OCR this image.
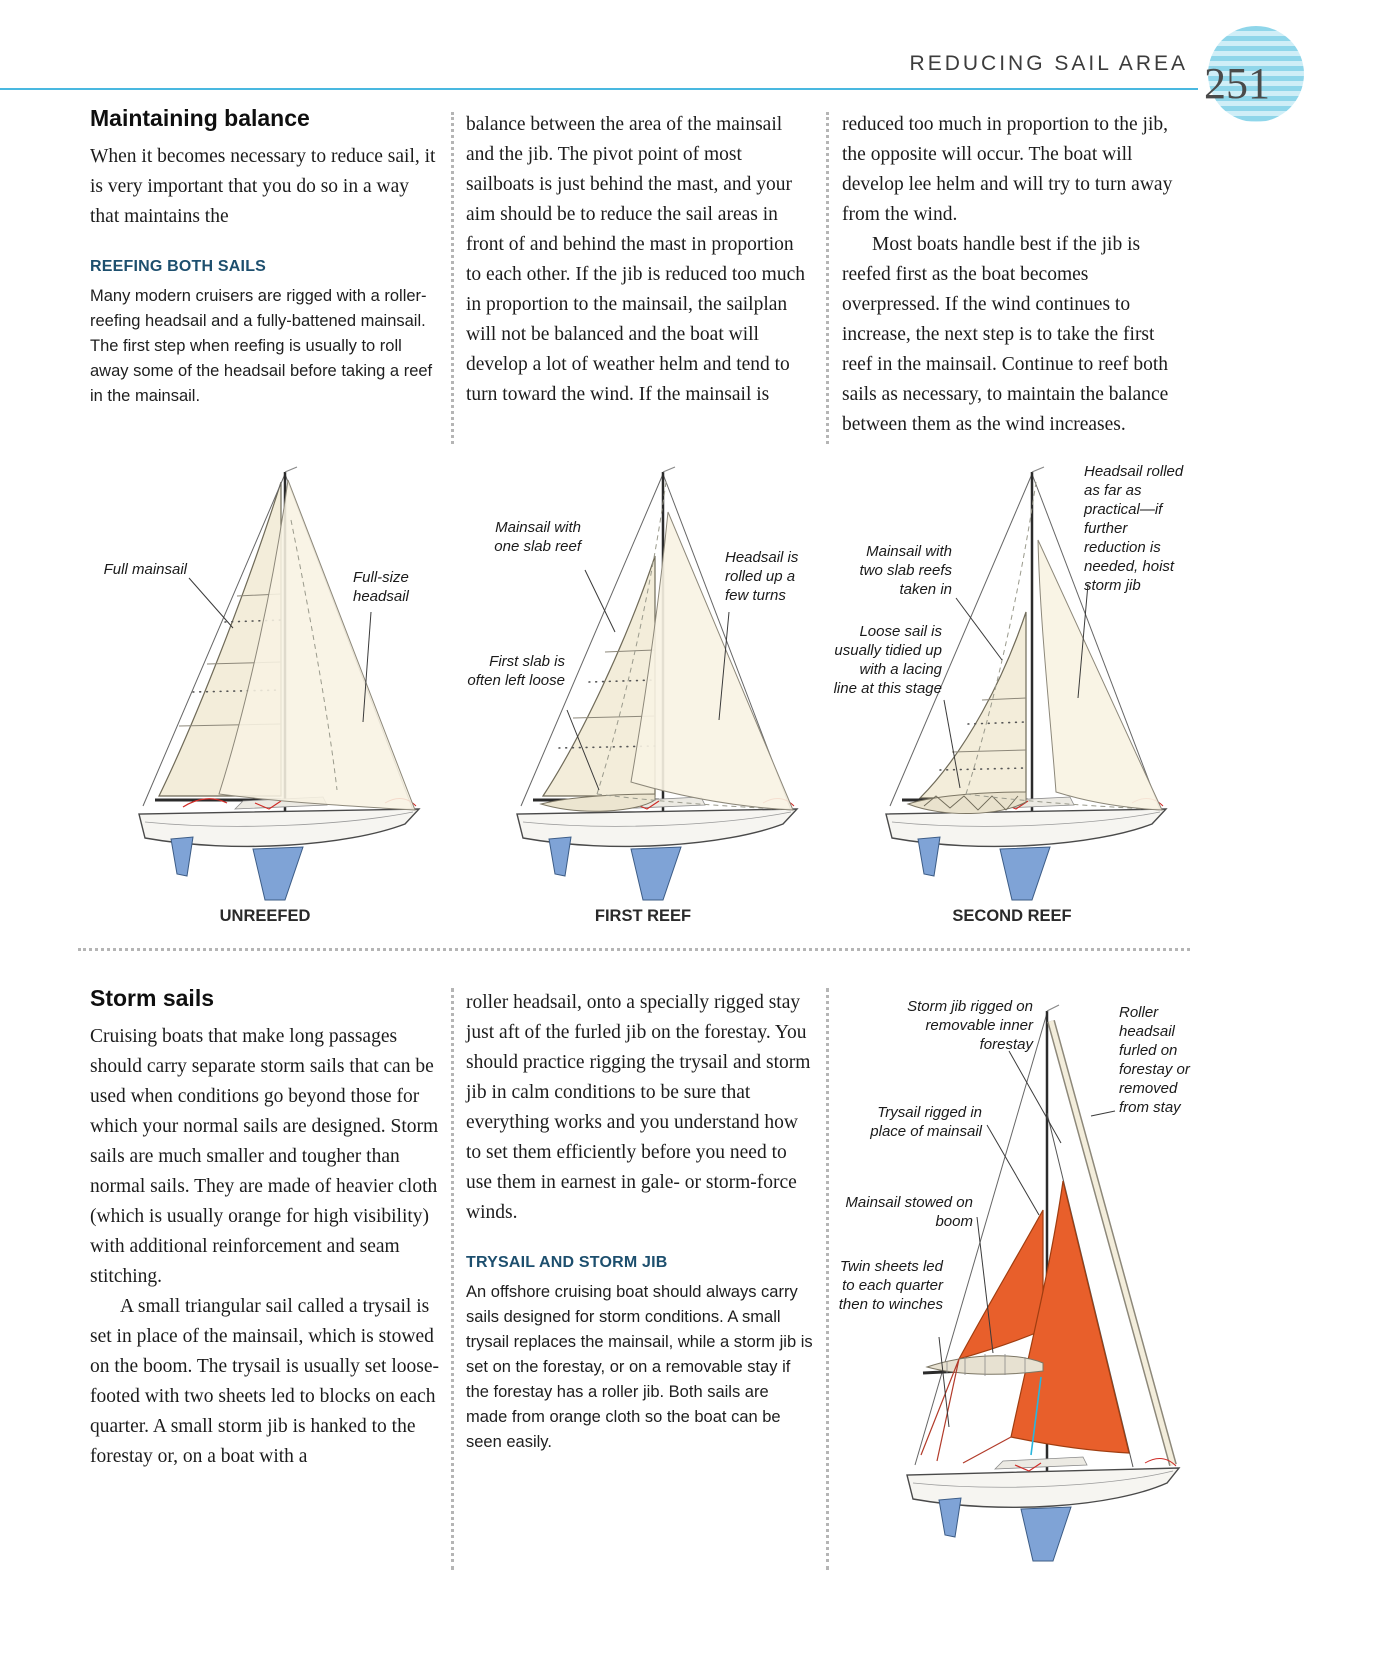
REDUCING SAIL AREA 251
Maintaining balance

When it becomes necessary to reduce sail, it is very important that you do so in a way that maintains the

REEFING BOTH SAILS

Many modern cruisers are rigged with a roller-reefing headsail and a fully-battened mainsail. The first step when reefing is usually to roll away some of the headsail before taking a reef in the mainsail.

balance between the area of the mainsail and the jib. The pivot point of most sailboats is just behind the mast, and your aim should be to reduce the sail areas in front of and behind the mast in proportion to each other. If the jib is reduced too much in proportion to the mainsail, the sailplan will not be balanced and the boat will develop a lot of weather helm and tend to turn toward the wind. If the mainsail is

reduced too much in proportion to the jib, the opposite will occur. The boat will develop lee helm and will try to turn away from the wind.

Most boats handle best if the jib is reefed first as the boat becomes overpressed. If the wind continues to increase, the next step is to take the first reef in the mainsail. Continue to reef both sails as necessary, to maintain the balance between them as the wind increases.

Full mainsail	Full-size headsail
UNREEFED
Mainsail with one slab reef
Headsail is rolled up a few turns
First slab is often left loose
FIRST REEF
Mainsail with two slab reefs taken in
Loose sail is usually tidied up with a lacing line at this stage
Headsail rolled as far as practical—if further reduction is needed, hoist storm jib
SECOND REEF
Storm sails

Cruising boats that make long passages should carry separate storm sails that can be used when conditions go beyond those for which your normal sails are designed. Storm sails are much smaller and tougher than normal sails. They are made of heavier cloth (which is usually orange for high visibility) with additional reinforcement and seam stitching.

A small triangular sail called a trysail is set in place of the mainsail, which is stowed on the boom. The trysail is usually set loose-footed with two sheets led to blocks on each quarter. A small storm jib is hanked to the forestay or, on a boat with a

roller headsail, onto a specially rigged stay just aft of the furled jib on the forestay. You should practice rigging the trysail and storm jib in calm conditions to be sure that everything works and you understand how to set them efficiently before you need to use them in earnest in gale- or storm-force winds.

TRYSAIL AND STORM JIB

An offshore cruising boat should always carry sails designed for storm conditions. A small trysail replaces the mainsail, while a storm jib is set on the forestay, or on a removable stay if the forestay has a roller jib. Both sails are made from orange cloth so the boat can be seen easily.

Storm jib rigged on removable inner forestay
Roller headsail furled on forestay or removed from stay
Trysail rigged in place of mainsail
Mainsail stowed on boom
Twin sheets led to each quarter then to winches
